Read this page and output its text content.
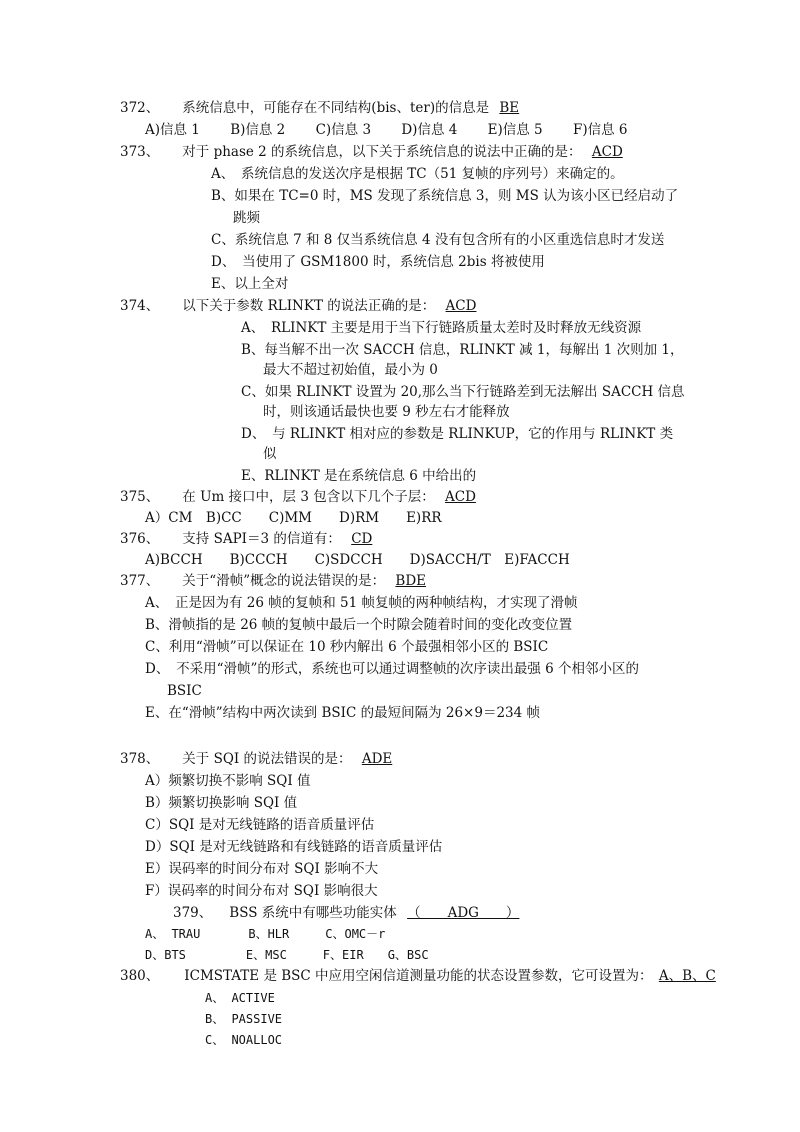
372、 系统信息中，可能存在不同结构(bis、ter)的信息是 BE
A)信息 1 B)信息 2 C)信息 3 D)信息 4 E)信息 5 F)信息 6
373、 对于 phase 2 的系统信息，以下关于系统信息的说法中正确的是： ACD
A、　系统信息的发送次序是根据 TC（51 复帧的序列号）来确定的。
B、如果在 TC=0 时，MS 发现了系统信息 3，则 MS 认为该小区已经启动了
跳频
C、系统信息 7 和 8 仅当系统信息 4 没有包含所有的小区重选信息时才发送
D、　当使用了 GSM1800 时，系统信息 2bis 将被使用
E、以上全对
374、 以下关于参数 RLINKT 的说法正确的是： ACD
A、　RLINKT 主要是用于当下行链路质量太差时及时释放无线资源
B、每当解不出一次 SACCH 信息，RLINKT 减 1，每解出 1 次则加 1，
最大不超过初始值，最小为 0
C、如果 RLINKT 设置为 20,那么当下行链路差到无法解出 SACCH 信息
时，则该通话最快也要 9 秒左右才能释放
D、　与 RLINKT 相对应的参数是 RLINKUP，它的作用与 RLINKT 类
似
E、RLINKT 是在系统信息 6 中给出的
375、 在 Um 接口中，层 3 包含以下几个子层： ACD
A）CM　B)CC　　C)MM　　D)RM　　E)RR
376、 支持 SAPI＝3 的信道有： CD
A)BCCH　　B)CCCH　　C)SDCCH　　D)SACCH/T　E)FACCH
377、 关于“滑帧”概念的说法错误的是： BDE
A、　正是因为有 26 帧的复帧和 51 帧复帧的两种帧结构，才实现了滑帧
B、滑帧指的是 26 帧的复帧中最后一个时隙会随着时间的变化改变位置
C、利用“滑帧”可以保证在 10 秒内解出 6 个最强相邻小区的 BSIC
D、　不采用“滑帧”的形式，系统也可以通过调整帧的次序读出最强 6 个相邻小区的
BSIC
E、在“滑帧”结构中两次读到 BSIC 的最短间隔为 26×9＝234 帧
378、 关于 SQI 的说法错误的是： ADE
A）频繁切换不影响 SQI 值
B）频繁切换影响 SQI 值
C）SQI 是对无线链路的语音质量评估
D）SQI 是对无线链路和有线链路的语音质量评估
E）误码率的时间分布对 SQI 影响不大
F）误码率的时间分布对 SQI 影响很大
379、 BSS 系统中有哪些功能实体 （　　ADG　　）
A、 TRAU　　　　B、HLR　　　C、OMC－r
D、BTS　　　　　E、MSC　　　F、EIR　　G、BSC
380、 ICMSTATE 是 BSC 中应用空闲信道测量功能的状态设置参数，它可设置为： A、B、C
A、 ACTIVE
B、 PASSIVE
C、 NOALLOC
